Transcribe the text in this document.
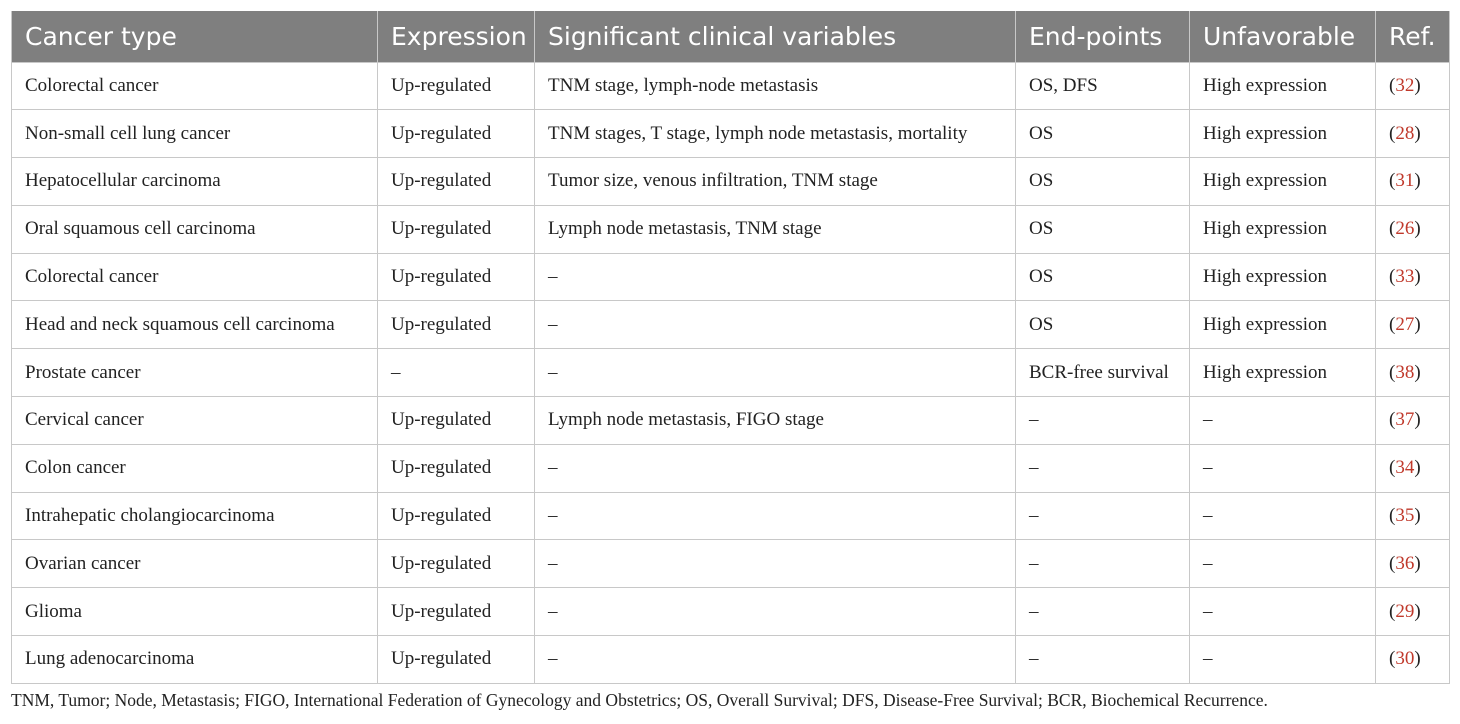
Cancer type	Expression	Significant clinical variables	End-points	Unfavorable	Ref.
Colorectal cancer	Up-regulated	TNM stage, lymph-node metastasis	OS, DFS	High expression	(32)
Non-small cell lung cancer	Up-regulated	TNM stages, T stage, lymph node metastasis, mortality	OS	High expression	(28)
Hepatocellular carcinoma	Up-regulated	Tumor size, venous infiltration, TNM stage	OS	High expression	(31)
Oral squamous cell carcinoma	Up-regulated	Lymph node metastasis, TNM stage	OS	High expression	(26)
Colorectal cancer	Up-regulated	–	OS	High expression	(33)
Head and neck squamous cell carcinoma	Up-regulated	–	OS	High expression	(27)
Prostate cancer	–	–	BCR-free survival	High expression	(38)
Cervical cancer	Up-regulated	Lymph node metastasis, FIGO stage	–	–	(37)
Colon cancer	Up-regulated	–	–	–	(34)
Intrahepatic cholangiocarcinoma	Up-regulated	–	–	–	(35)
Ovarian cancer	Up-regulated	–	–	–	(36)
Glioma	Up-regulated	–	–	–	(29)
Lung adenocarcinoma	Up-regulated	–	–	–	(30)
TNM, Tumor; Node, Metastasis; FIGO, International Federation of Gynecology and Obstetrics; OS, Overall Survival; DFS, Disease-Free Survival; BCR, Biochemical Recurrence.
